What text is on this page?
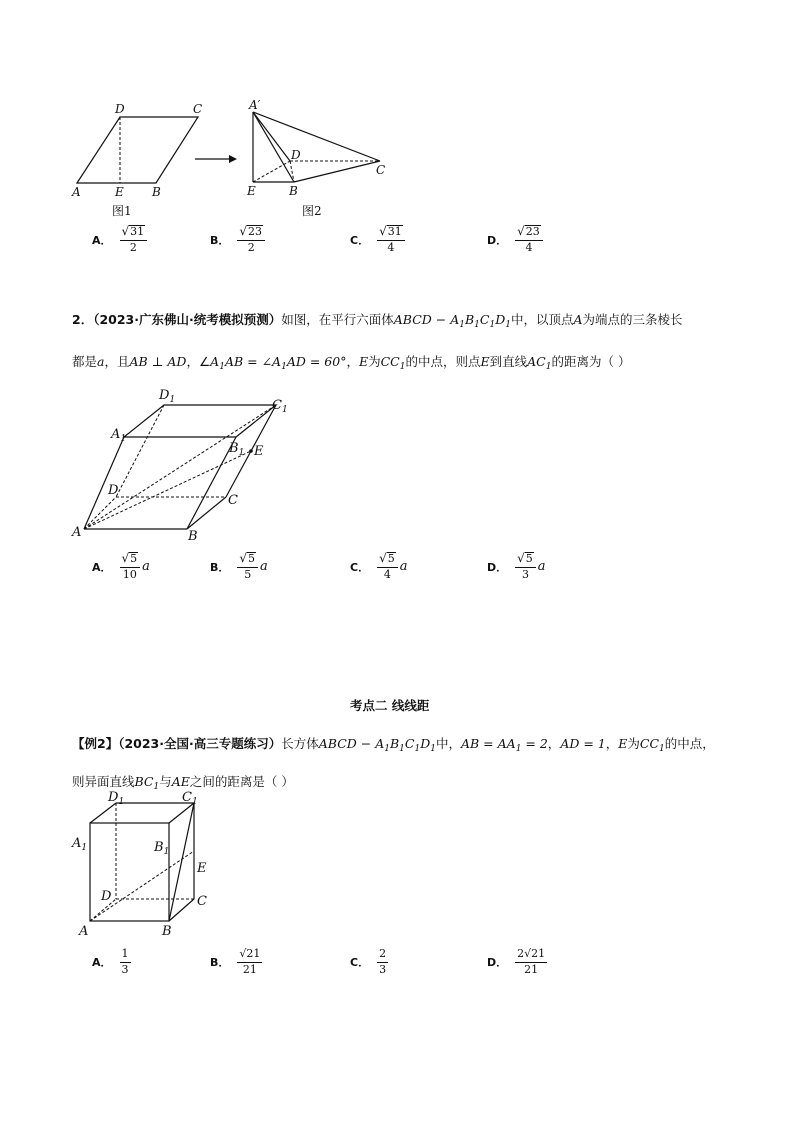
D	C
A	E B
图1
A′
D
C
E	B
图2
A． $\frac{√31}{2}$	B． $\frac{√23}{2}$	C． $\frac{√31}{4}$	D． $\frac{√23}{4}$
2．（2023·广东佛山·统考模拟预测）如图，在平行六面体ABCD − $A_1B_1C_1D_1$中，以顶点A为端点的三条棱长
都是a，且AB ⊥ AD，$\angle A_1AB$ = $\angle A_1AD = 60^\circ$，E为$CC_1$的中点，则点E到直线$AC_1$的距离为（ ）
$D_1$	$C_1$
$A_1$
$B_1$ E
D
C
A	B
A． $\frac{√5}{10}$ a	B． $\frac{√5}{5}$ a	C． $\frac{√5}{4}$ a	D． $\frac{√5}{3}$ a
考点二 线线距
【例2】（2023·全国·高三专题练习）长方体ABCD − $A_1B_1C_1D_1$中，AB = $AA_1 = 2$，AD = 1，E为$CC_1$的中点，
则异面直线$BC_1$与AE之间的距离是（ ）
$D_1$	$C_1$
$A_1$	$B_1$
E
D	C
A	B
A． $\frac{1}{3}$	B． $\frac{√21}{21}$	C． $\frac{2}{3}$	D． $\frac{2√21}{21}$
